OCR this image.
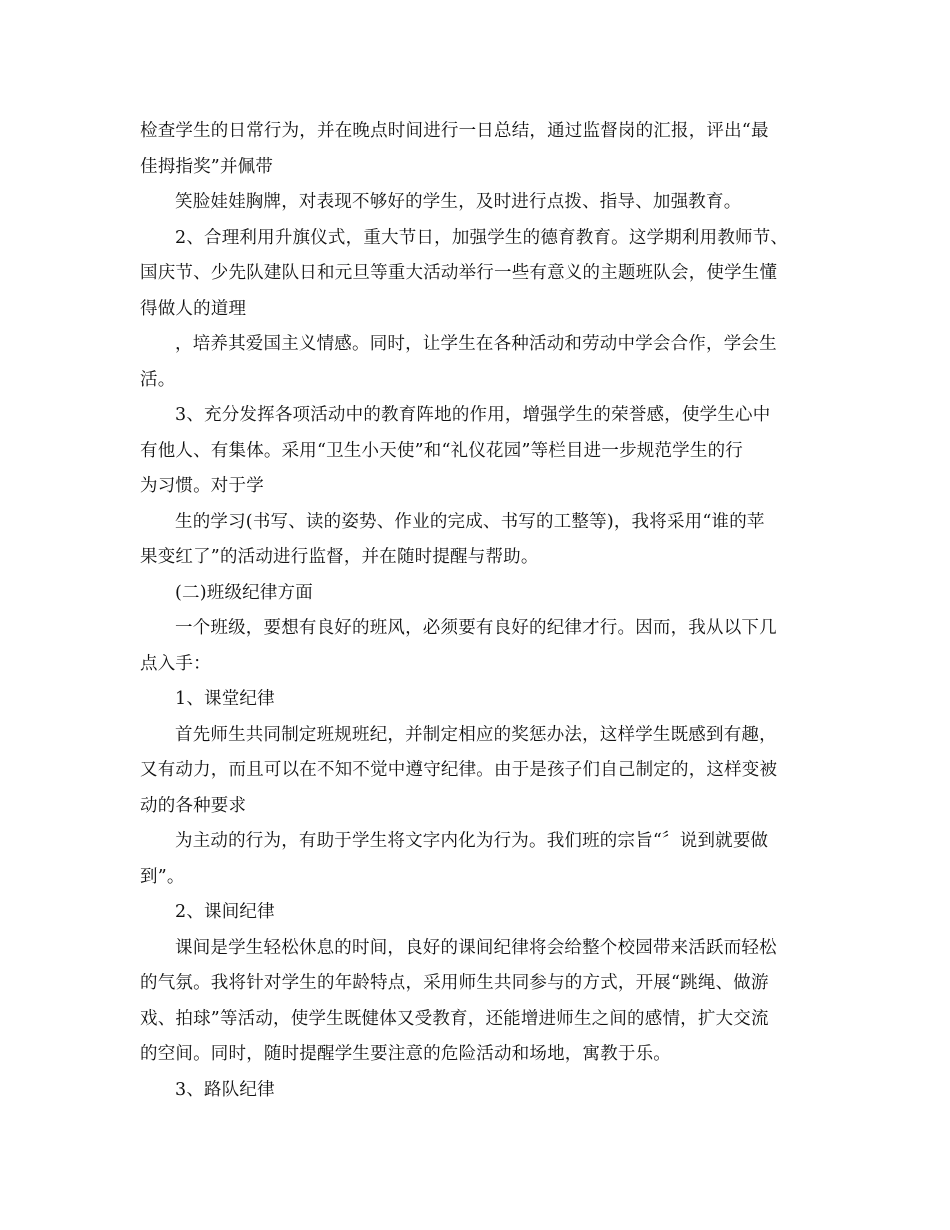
检查学生的日常行为，并在晚点时间进行一日总结，通过监督岗的汇报，评出“最
佳拇指奖”并佩带
笑脸娃娃胸牌，对表现不够好的学生，及时进行点拨、指导、加强教育。
2、合理利用升旗仪式，重大节日，加强学生的德育教育。这学期利用教师节、
国庆节、少先队建队日和元旦等重大活动举行一些有意义的主题班队会，使学生懂
得做人的道理
，培养其爱国主义情感。同时，让学生在各种活动和劳动中学会合作，学会生
活。
3、充分发挥各项活动中的教育阵地的作用，增强学生的荣誉感，使学生心中
有他人、有集体。采用“卫生小天使”和“礼仪花园”等栏目进一步规范学生的行
为习惯。对于学
生的学习(书写、读的姿势、作业的完成、书写的工整等)，我将采用“谁的苹
果变红了”的活动进行监督，并在随时提醒与帮助。
(二)班级纪律方面
一个班级，要想有良好的班风，必须要有良好的纪律才行。因而，我从以下几
点入手：
1、课堂纪律
首先师生共同制定班规班纪，并制定相应的奖惩办法，这样学生既感到有趣，
又有动力，而且可以在不知不觉中遵守纪律。由于是孩子们自己制定的，这样变被
动的各种要求
为主动的行为，有助于学生将文字内化为行为。我们班的宗旨“〞说到就要做
到”。
2、课间纪律
课间是学生轻松休息的时间，良好的课间纪律将会给整个校园带来活跃而轻松
的气氛。我将针对学生的年龄特点，采用师生共同参与的方式，开展“跳绳、做游
戏、拍球”等活动，使学生既健体又受教育，还能增进师生之间的感情，扩大交流
的空间。同时，随时提醒学生要注意的危险活动和场地，寓教于乐。
3、路队纪律
